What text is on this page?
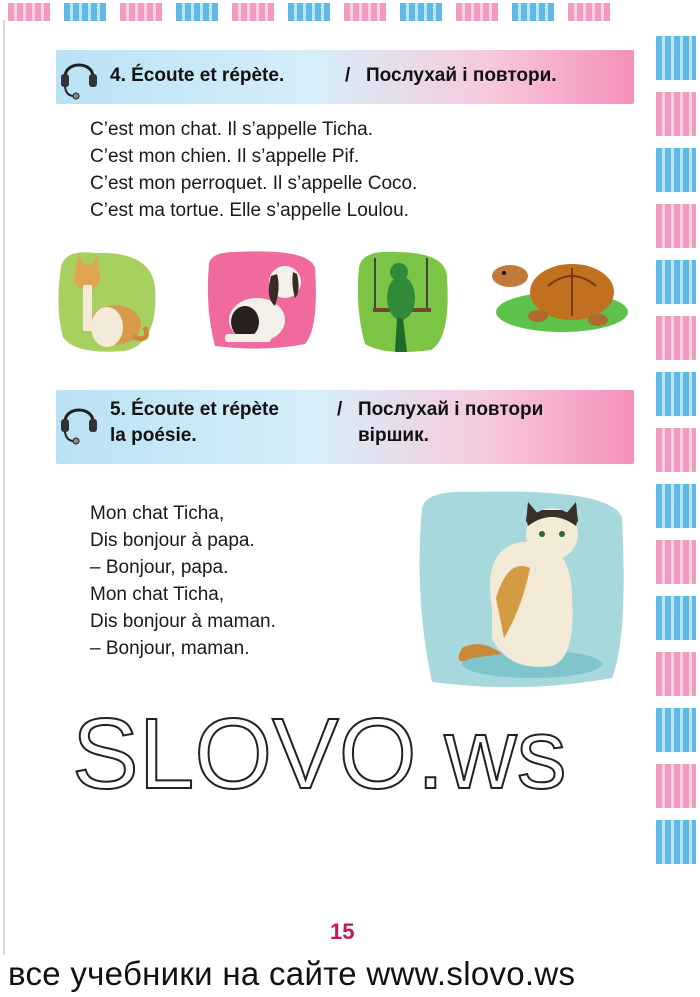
4. Écoute et répète.	/ Послухай і повтори.
C’est mon chat. Il s’appelle Ticha.
C’est mon chien. Il s’appelle Pif.
C’est mon perroquet. Il s’appelle Coco.
C’est ma tortue. Elle s’appelle Loulou.
5. Écoute et répète
la poésie.
/ Послухай і повтори
віршик.
Mon chat Ticha,
Dis bonjour à papa.
– Bonjour, papa.
Mon chat Ticha,
Dis bonjour à maman.
– Bonjour, maman.
SLOVO.ws
15
все учебники на сайте www.slovo.ws
